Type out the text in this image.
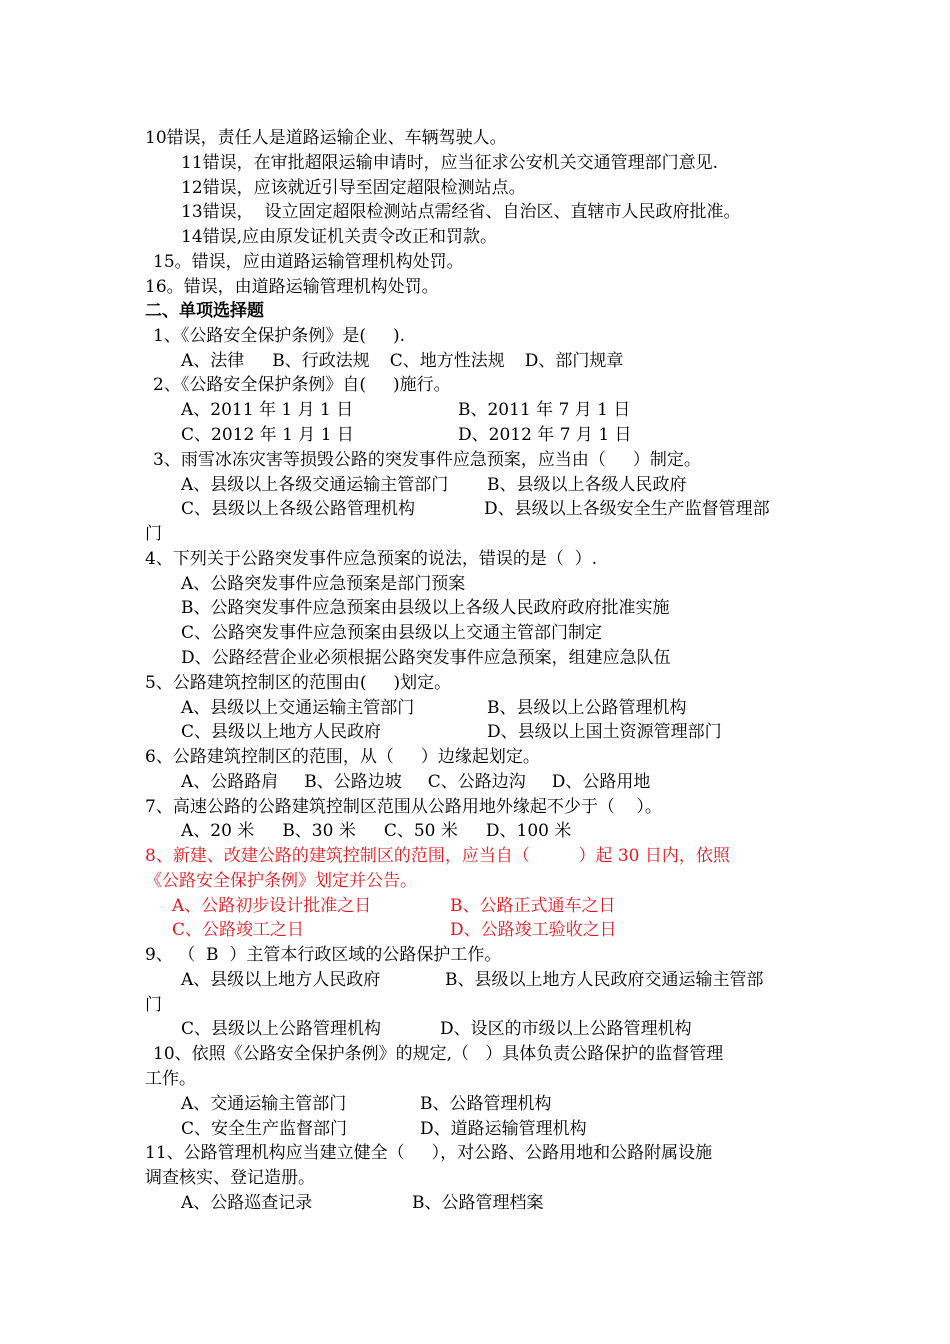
10错误，责任人是道路运输企业、车辆驾驶人。
11错误，在审批超限运输申请时，应当征求公安机关交通管理部门意见.
12错误，应该就近引导至固定超限检测站点。
13错误，  设立固定超限检测站点需经省、自治区、直辖市人民政府批准。
14错误,应由原发证机关责令改正和罚款。
15。错误，应由道路运输管理机构处罚。
16。错误，由道路运输管理机构处罚。
二、单项选择题
1、《公路安全保护条例》是(     ).
A、法律 B、行政法规 C、地方性法规 D、部门规章
2、《公路安全保护条例》自(     )施行。
A、2011 年 1 月 1 日	B、2011 年 7 月 1 日
C、2012 年 1 月 1 日	D、2012 年 7 月 1 日
3、雨雪冰冻灾害等损毁公路的突发事件应急预案，应当由（     ）制定。
A、县级以上各级交通运输主管部门 B、县级以上各级人民政府
C、县级以上各级公路管理机构	D、县级以上各级安全生产监督管理部
门
4、下列关于公路突发事件应急预案的说法，错误的是（  ）.
A、公路突发事件应急预案是部门预案
B、公路突发事件应急预案由县级以上各级人民政府政府批准实施
C、公路突发事件应急预案由县级以上交通主管部门制定
D、公路经营企业必须根据公路突发事件应急预案，组建应急队伍
5、公路建筑控制区的范围由(     )划定。
A、县级以上交通运输主管部门	B、县级以上公路管理机构
C、县级以上地方人民政府	D、县级以上国土资源管理部门
6、公路建筑控制区的范围，从（     ）边缘起划定。
A、公路路肩 B、公路边坡 C、公路边沟 D、公路用地
7、高速公路的公路建筑控制区范围从公路用地外缘起不少于（    ）。
A、20 米 B、30 米 C、50 米 D、100 米
8、新建、改建公路的建筑控制区的范围，应当自（         ）起 30 日内，依照
《公路安全保护条例》划定并公告。
A、公路初步设计批准之日	B、公路正式通车之日
C、公路竣工之日	D、公路竣工验收之日
9、 （  B  ）主管本行政区域的公路保护工作。
A、县级以上地方人民政府	B、县级以上地方人民政府交通运输主管部
门
C、县级以上公路管理机构	D、设区的市级以上公路管理机构
10、依照《公路安全保护条例》的规定,（   ）具体负责公路保护的监督管理
工作。
A、交通运输主管部门	B、公路管理机构
C、安全生产监督部门	D、道路运输管理机构
11、公路管理机构应当建立健全（     ），对公路、公路用地和公路附属设施
调查核实、登记造册。
A、公路巡查记录	B、公路管理档案
